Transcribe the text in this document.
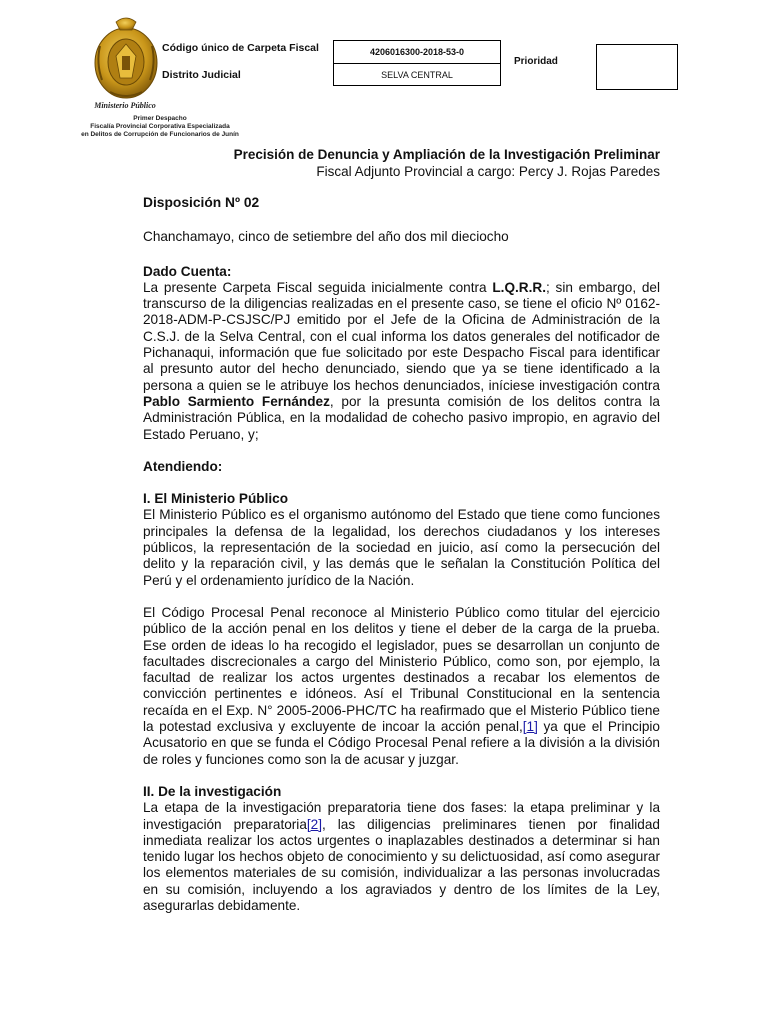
Ministerio Público
Primer Despacho
Fiscalía Provincial Corporativa Especializada
en Delitos de Corrupción de Funcionarios de Junín
Código único de Carpeta Fiscal
Distrito Judicial
4206016300-2018-53-0
SELVA CENTRAL
Prioridad
Precisión de Denuncia y Ampliación de la Investigación Preliminar
Fiscal Adjunto Provincial a cargo: Percy J. Rojas Paredes

Disposición Nº 02

Chanchamayo, cinco de setiembre del año dos mil dieciocho

Dado Cuenta:

La presente Carpeta Fiscal seguida inicialmente contra L.Q.R.R.; sin embargo, del transcurso de la diligencias realizadas en el presente caso, se tiene el oficio Nº 0162-2018-ADM-P-CSJSC/PJ emitido por el Jefe de la Oficina de Administración de la C.S.J. de la Selva Central, con el cual informa los datos generales del notificador de Pichanaqui, información que fue solicitado por este Despacho Fiscal para identificar al presunto autor del hecho denunciado, siendo que ya se tiene identificado a la persona a quien se le atribuye los hechos denunciados, iníciese investigación contra Pablo Sarmiento Fernández, por la presunta comisión de los delitos contra la Administración Pública, en la modalidad de cohecho pasivo impropio, en agravio del Estado Peruano, y;

Atendiendo:
I. El Ministerio Público

El Ministerio Público es el organismo autónomo del Estado que tiene como funciones principales la defensa de la legalidad, los derechos ciudadanos y los intereses públicos, la representación de la sociedad en juicio, así como la persecución del delito y la reparación civil, y las demás que le señalan la Constitución Política del Perú y el ordenamiento jurídico de la Nación.

El Código Procesal Penal reconoce al Ministerio Público como titular del ejercicio público de la acción penal en los delitos y tiene el deber de la carga de la prueba. Ese orden de ideas lo ha recogido el legislador, pues se desarrollan un conjunto de facultades discrecionales a cargo del Ministerio Público, como son, por ejemplo, la facultad de realizar los actos urgentes destinados a recabar los elementos de convicción pertinentes e idóneos. Así el Tribunal Constitucional en la sentencia recaída en el Exp. N° 2005-2006-PHC/TC ha reafirmado que el Misterio Público tiene la potestad exclusiva y excluyente de incoar la acción penal,[1] ya que el Principio Acusatorio en que se funda el Código Procesal Penal refiere a la división a la división de roles y funciones como son la de acusar y juzgar.

II. De la investigación

La etapa de la investigación preparatoria tiene dos fases: la etapa preliminar y la investigación preparatoria[2], las diligencias preliminares tienen por finalidad inmediata realizar los actos urgentes o inaplazables destinados a determinar si han tenido lugar los hechos objeto de conocimiento y su delictuosidad, así como asegurar los elementos materiales de su comisión, individualizar a las personas involucradas en su comisión, incluyendo a los agraviados y dentro de los límites de la Ley, asegurarlas debidamente.
